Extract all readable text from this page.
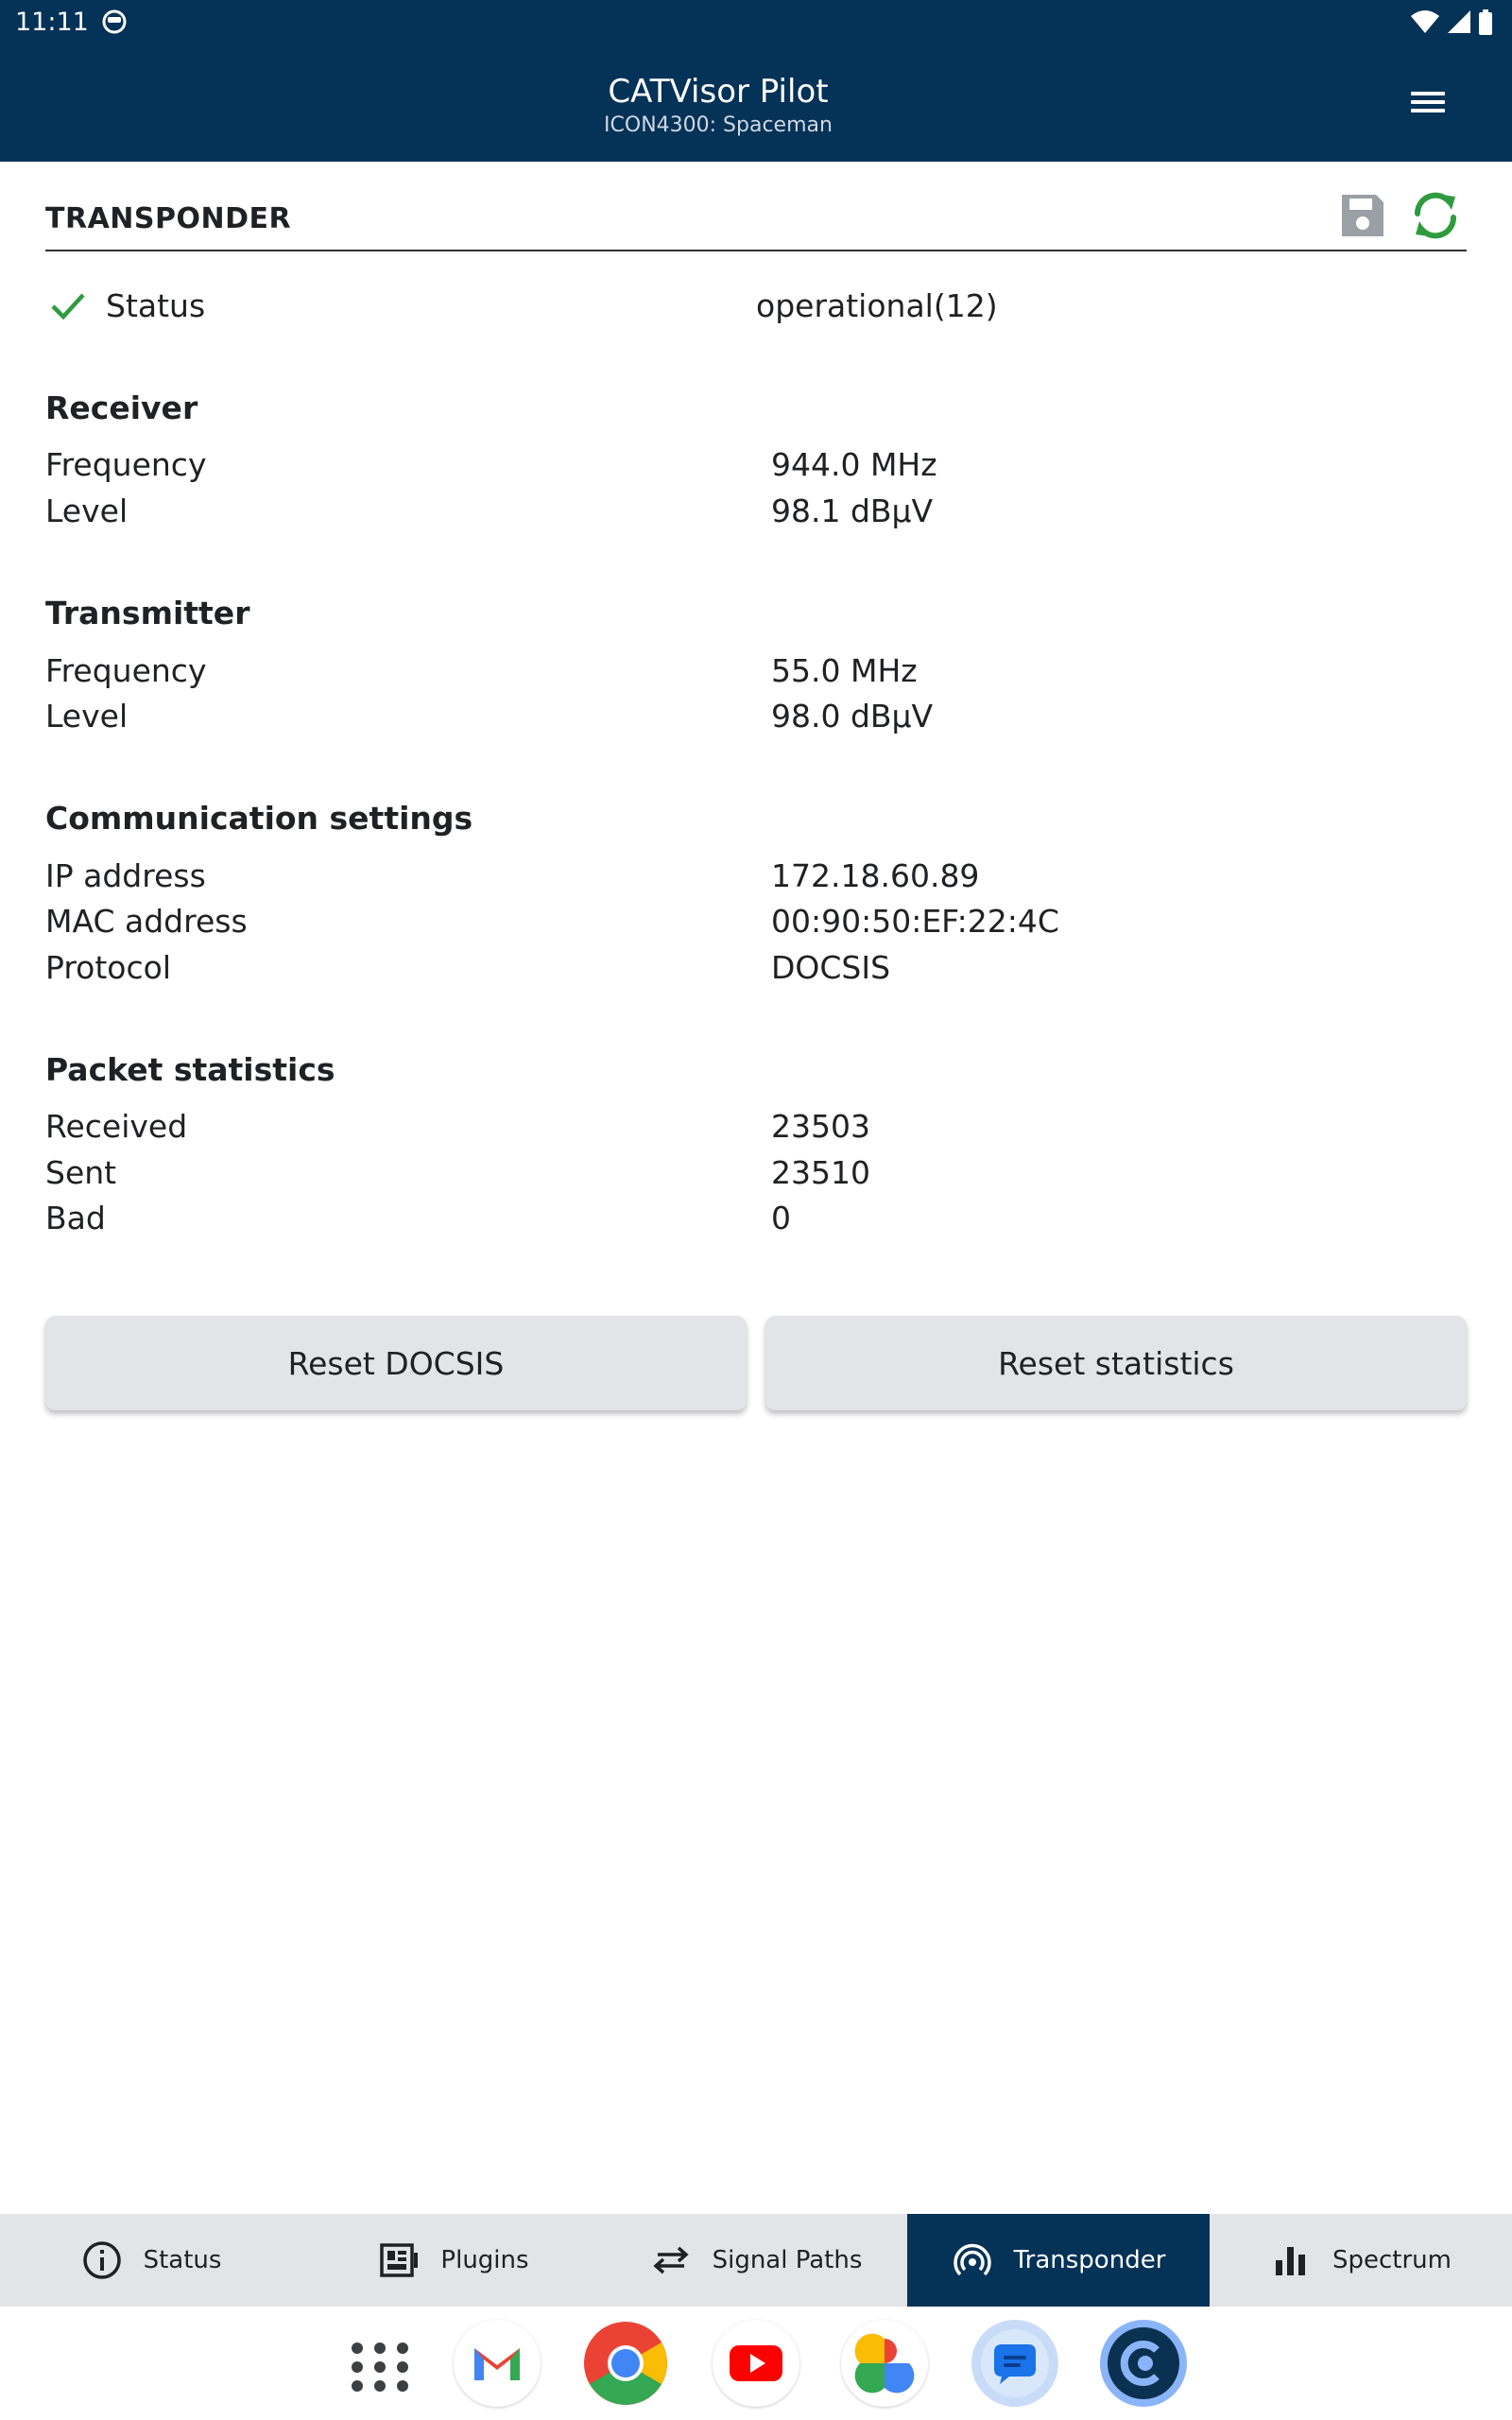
11:11
CATVisor Pilot
ICON4300: Spaceman
TRANSPONDER
Status	operational(12)
Receiver
Frequency	944.0 MHz
Level	98.1 dBµV
Transmitter
Frequency	55.0 MHz
Level	98.0 dBµV
Communication settings
IP address	172.18.60.89
MAC address	00:90:50:EF:22:4C
Protocol	DOCSIS
Packet statistics
Received	23503
Sent	23510
Bad	0
Reset DOCSIS	Reset statistics
Status	Plugins	Signal Paths	Transponder	Spectrum
